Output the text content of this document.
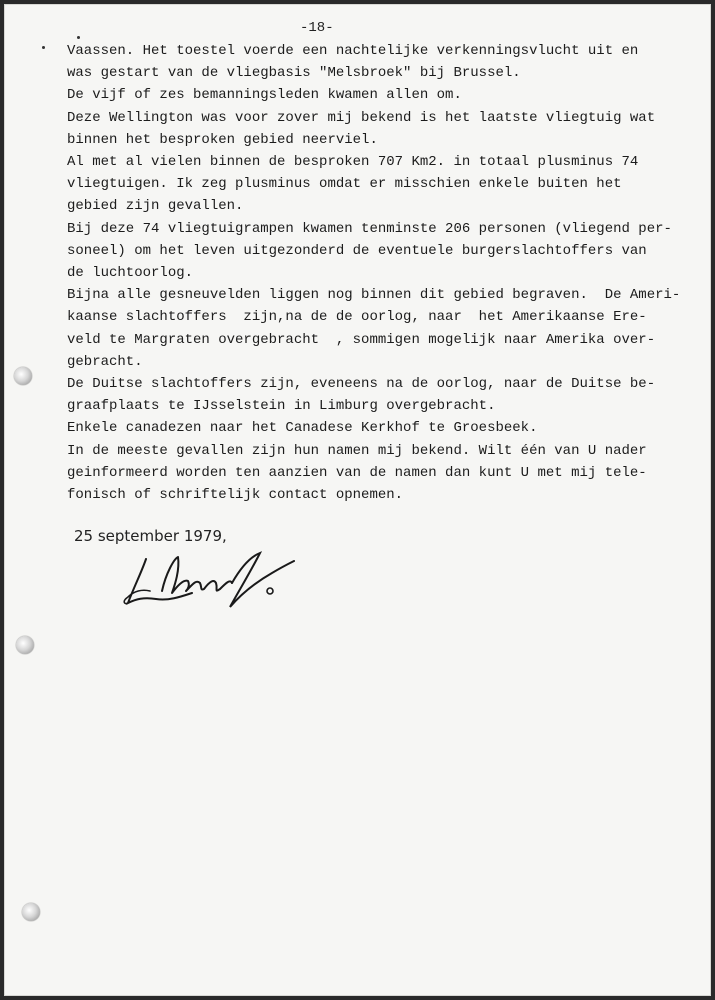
-18-

Vaassen. Het toestel voerde een nachtelijke verkenningsvlucht uit en
was gestart van de vliegbasis "Melsbroek" bij Brussel.
De vijf of zes bemanningsleden kwamen allen om.
Deze Wellington was voor zover mij bekend is het laatste vliegtuig wat
binnen het besproken gebied neerviel.
Al met al vielen binnen de besproken 707 Km2. in totaal plusminus 74
vliegtuigen. Ik zeg plusminus omdat er misschien enkele buiten het
gebied zijn gevallen.
Bij deze 74 vliegtuigrampen kwamen tenminste 206 personen (vliegend per-
soneel) om het leven uitgezonderd de eventuele burgerslachtoffers van
de luchtoorlog.
Bijna alle gesneuvelden liggen nog binnen dit gebied begraven.  De Ameri-
kaanse slachtoffers  zijn,na de de oorlog, naar  het Amerikaanse Ere-
veld te Margraten overgebracht  , sommigen mogelijk naar Amerika over-
gebracht.
De Duitse slachtoffers zijn, eveneens na de oorlog, naar de Duitse be-
graafplaats te IJsselstein in Limburg overgebracht.
Enkele canadezen naar het Canadese Kerkhof te Groesbeek.
In de meeste gevallen zijn hun namen mij bekend. Wilt één van U nader
geinformeerd worden ten aanzien van de namen dan kunt U met mij tele-
fonisch of schriftelijk contact opnemen.

25 september 1979,
